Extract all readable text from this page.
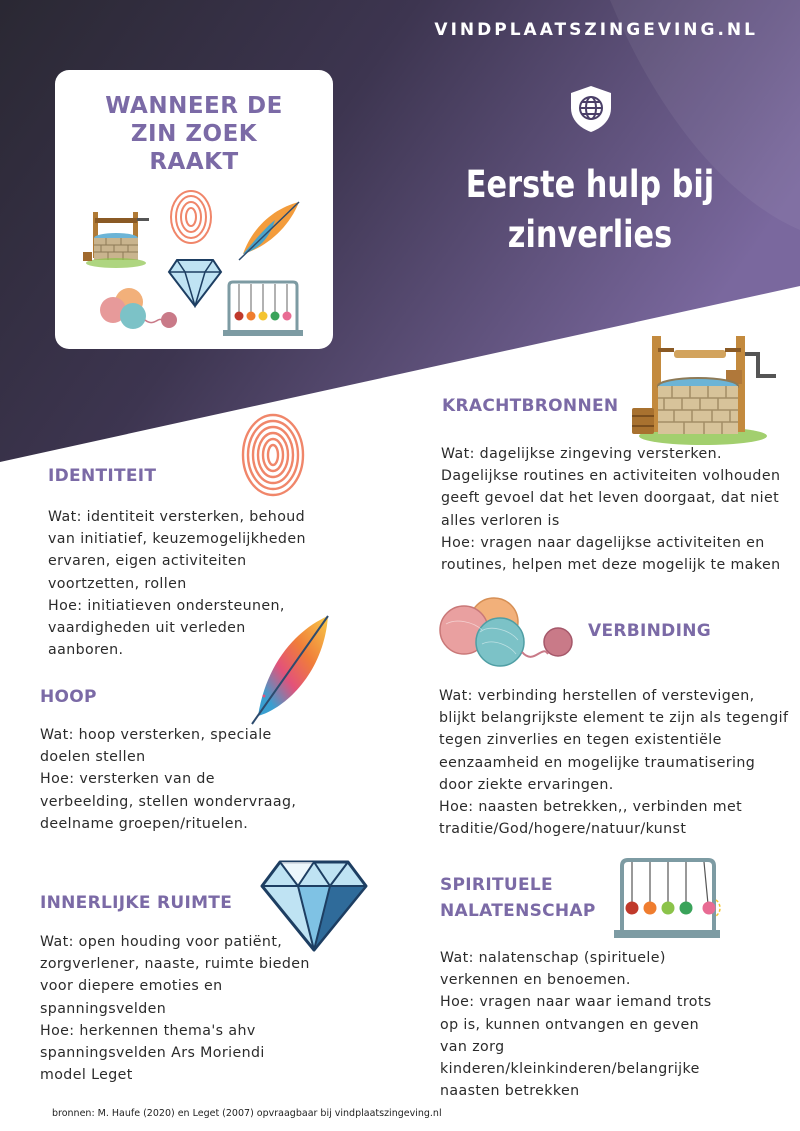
VINDPLAATSZINGEVING.NL
WANNEER DE
ZIN ZOEK
RAAKT
Eerste hulp bij
zinverlies
KRACHTBRONNEN
Wat: dagelijkse zingeving versterken.
Dagelijkse routines en activiteiten volhouden
geeft gevoel dat het leven doorgaat, dat niet
alles verloren is
Hoe: vragen naar dagelijkse activiteiten en
routines, helpen met deze mogelijk te maken
IDENTITEIT
Wat: identiteit versterken, behoud
van initiatief, keuzemogelijkheden
ervaren, eigen activiteiten
voortzetten, rollen
Hoe: initiatieven ondersteunen,
vaardigheden uit verleden
aanboren.
VERBINDING
HOOP
Wat: hoop versterken, speciale
doelen stellen
Hoe: versterken van de
verbeelding, stellen wondervraag,
deelname groepen/rituelen.
Wat: verbinding herstellen of verstevigen,
blijkt belangrijkste element te zijn als tegengif
tegen zinverlies en tegen existentiële
eenzaamheid en mogelijke traumatisering
door ziekte ervaringen.
Hoe: naasten betrekken,, verbinden met
traditie/God/hogere/natuur/kunst
INNERLIJKE RUIMTE
Wat: open houding voor patiënt,
zorgverlener, naaste, ruimte bieden
voor diepere emoties en
spanningsvelden
Hoe: herkennen thema's ahv
spanningsvelden Ars Moriendi
model Leget
SPIRITUELE
NALATENSCHAP
Wat: nalatenschap (spirituele)
verkennen en benoemen.
Hoe: vragen naar waar iemand trots
op is, kunnen ontvangen en geven
van zorg
kinderen/kleinkinderen/belangrijke
naasten betrekken
bronnen: M. Haufe (2020) en Leget (2007) opvraagbaar bij vindplaatszingeving.nl
